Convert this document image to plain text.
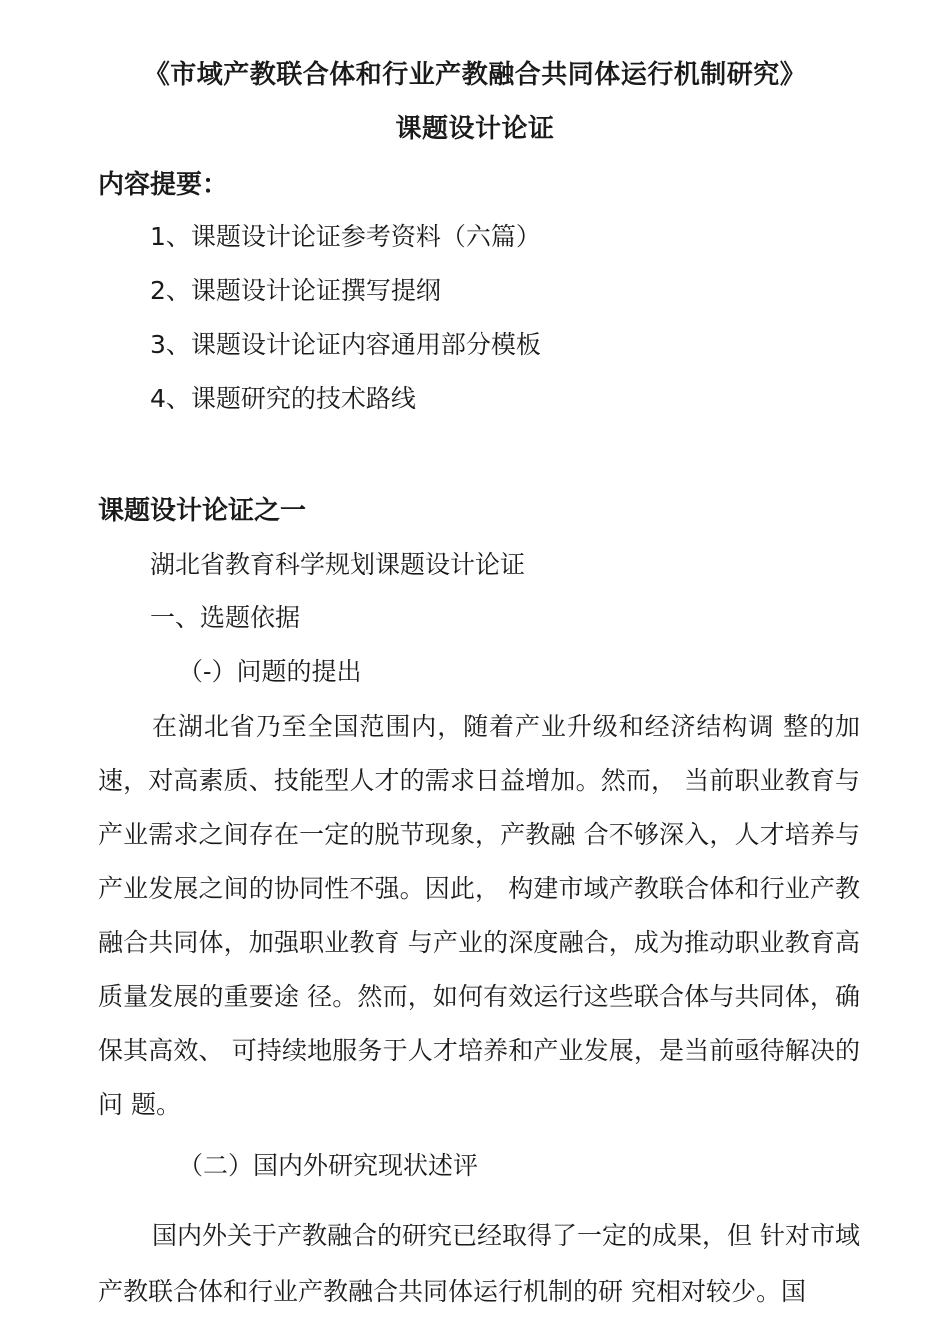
《市域产教联合体和行业产教融合共同体运行机制研究》
课题设计论证
内容提要：
1、课题设计论证参考资料（六篇）
2、课题设计论证撰写提纲
3、课题设计论证内容通用部分模板
4、课题研究的技术路线
课题设计论证之一
湖北省教育科学规划课题设计论证
一、选题依据
（-）问题的提出

在湖北省乃至全国范围内，随着产业升级和经济结构调 整的加速，对高素质、技能型人才的需求日益增加。然而， 当前职业教育与产业需求之间存在一定的脱节现象，产教融 合不够深入，人才培养与产业发展之间的协同性不强。因此， 构建市域产教联合体和行业产教融合共同体，加强职业教育 与产业的深度融合，成为推动职业教育高质量发展的重要途 径。然而，如何有效运行这些联合体与共同体，确保其高效、 可持续地服务于人才培养和产业发展，是当前亟待解决的问 题。

（二）国内外研究现状述评

国内外关于产教融合的研究已经取得了一定的成果，但 针对市域产教联合体和行业产教融合共同体运行机制的研 究相对较少。国
